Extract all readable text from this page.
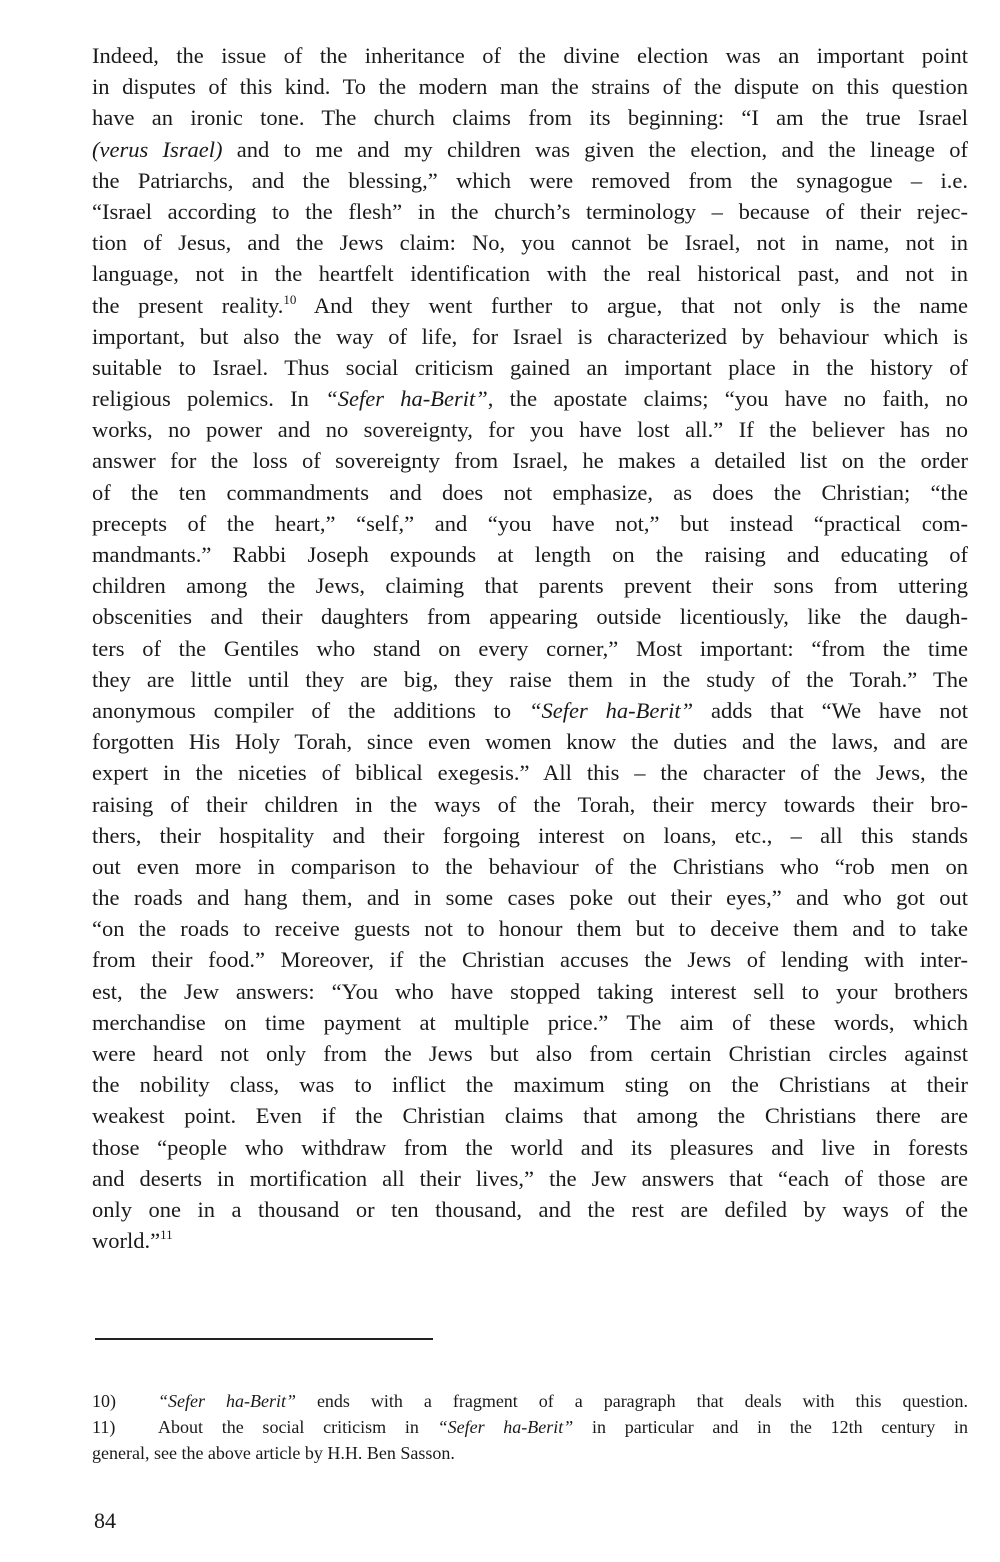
Indeed, the issue of the inheritance of the divine election was an important point
in disputes of this kind. To the modern man the strains of the dispute on this question
have an ironic tone. The church claims from its beginning: “I am the true Israel
(verus Israel) and to me and my children was given the election, and the lineage of
the Patriarchs, and the blessing,” which were removed from the synagogue – i.e.
“Israel according to the flesh” in the church’s terminology – because of their rejec-
tion of Jesus, and the Jews claim: No, you cannot be Israel, not in name, not in
language, not in the heartfelt identification with the real historical past, and not in
the present reality.$^{10}$ And they went further to argue, that not only is the name
important, but also the way of life, for Israel is characterized by behaviour which is
suitable to Israel. Thus social criticism gained an important place in the history of
religious polemics. In “Sefer ha-Berit”, the apostate claims; “you have no faith, no
works, no power and no sovereignty, for you have lost all.” If the believer has no
answer for the loss of sovereignty from Israel, he makes a detailed list on the order
of the ten commandments and does not emphasize, as does the Christian; “the
precepts of the heart,” “self,” and “you have not,” but instead “practical com-
mandmants.” Rabbi Joseph expounds at length on the raising and educating of
children among the Jews, claiming that parents prevent their sons from uttering
obscenities and their daughters from appearing outside licentiously, like the daugh-
ters of the Gentiles who stand on every corner,” Most important: “from the time
they are little until they are big, they raise them in the study of the Torah.” The
anonymous compiler of the additions to “Sefer ha-Berit” adds that “We have not
forgotten His Holy Torah, since even women know the duties and the laws, and are
expert in the niceties of biblical exegesis.” All this – the character of the Jews, the
raising of their children in the ways of the Torah, their mercy towards their bro-
thers, their hospitality and their forgoing interest on loans, etc., – all this stands
out even more in comparison to the behaviour of the Christians who “rob men on
the roads and hang them, and in some cases poke out their eyes,” and who got out
“on the roads to receive guests not to honour them but to deceive them and to take
from their food.” Moreover, if the Christian accuses the Jews of lending with inter-
est, the Jew answers: “You who have stopped taking interest sell to your brothers
merchandise on time payment at multiple price.” The aim of these words, which
were heard not only from the Jews but also from certain Christian circles against
the nobility class, was to inflict the maximum sting on the Christians at their
weakest point. Even if the Christian claims that among the Christians there are
those “people who withdraw from the world and its pleasures and live in forests
and deserts in mortification all their lives,” the Jew answers that “each of those are
only one in a thousand or ten thousand, and the rest are defiled by ways of the
world.”$^{11}$
10) “Sefer ha-Berit” ends with a fragment of a paragraph that deals with this question.
11) About the social criticism in “Sefer ha-Berit” in particular and in the 12th century in
general, see the above article by H.H. Ben Sasson.
84
